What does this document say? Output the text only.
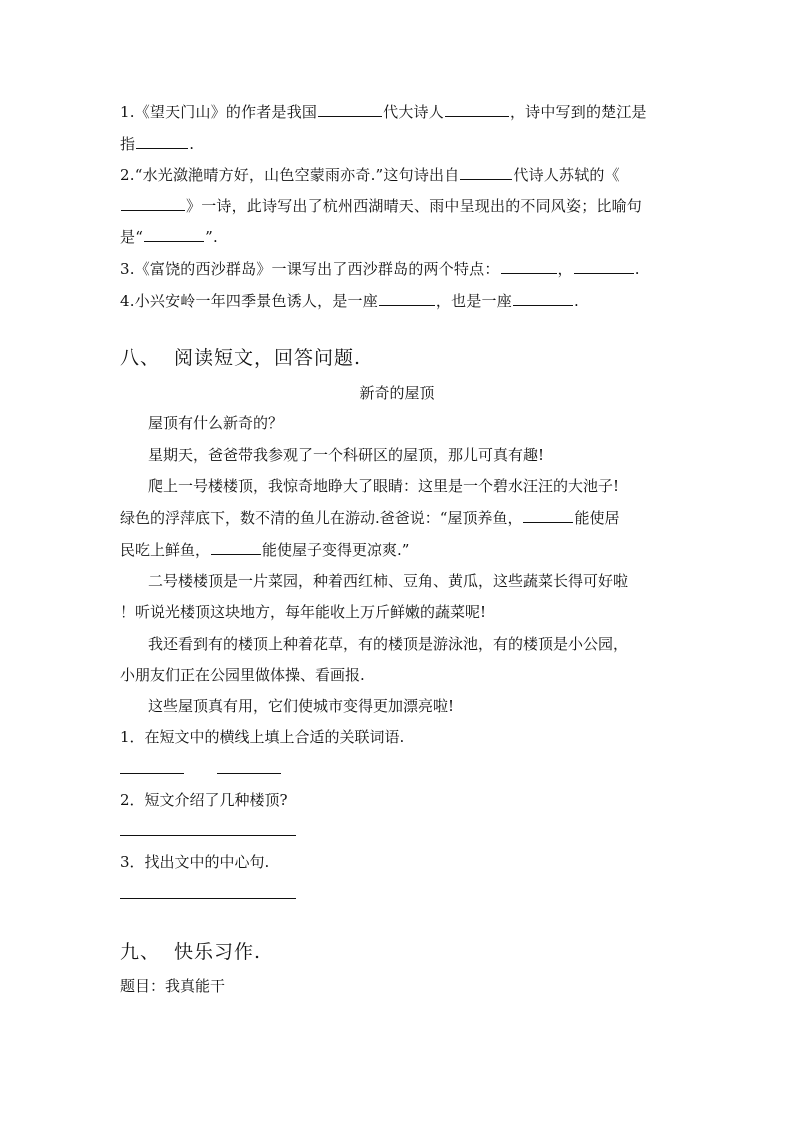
1.《望天门山》的作者是我国	代大诗人	，诗中写到的楚江是
指	.
2.“水光潋滟晴方好，山色空蒙雨亦奇.”这句诗出自	代诗人苏轼的《
》一诗，此诗写出了杭州西湖晴天、雨中呈现出的不同风姿；比喻句
是“	”.
3.《富饶的西沙群岛》一课写出了西沙群岛的两个特点：	，	.
4.小兴安岭一年四季景色诱人，是一座	，也是一座	.
八、 阅读短文，回答问题.
新奇的屋顶
屋顶有什么新奇的？
星期天，爸爸带我参观了一个科研区的屋顶，那儿可真有趣!
爬上一号楼楼顶，我惊奇地睁大了眼睛：这里是一个碧水汪汪的大池子!
绿色的浮萍底下，数不清的鱼儿在游动.爸爸说：“屋顶养鱼，	能使居
民吃上鲜鱼，	能使屋子变得更凉爽.”
二号楼楼顶是一片菜园，种着西红柿、豆角、黄瓜，这些蔬菜长得可好啦
！听说光楼顶这块地方，每年能收上万斤鲜嫩的蔬菜呢!
我还看到有的楼顶上种着花草，有的楼顶是游泳池，有的楼顶是小公园，
小朋友们正在公园里做体操、看画报.
这些屋顶真有用，它们使城市变得更加漂亮啦!
1．在短文中的横线上填上合适的关联词语.
2．短文介绍了几种楼顶?
3．找出文中的中心句.
九、 快乐习作.
题目：我真能干
